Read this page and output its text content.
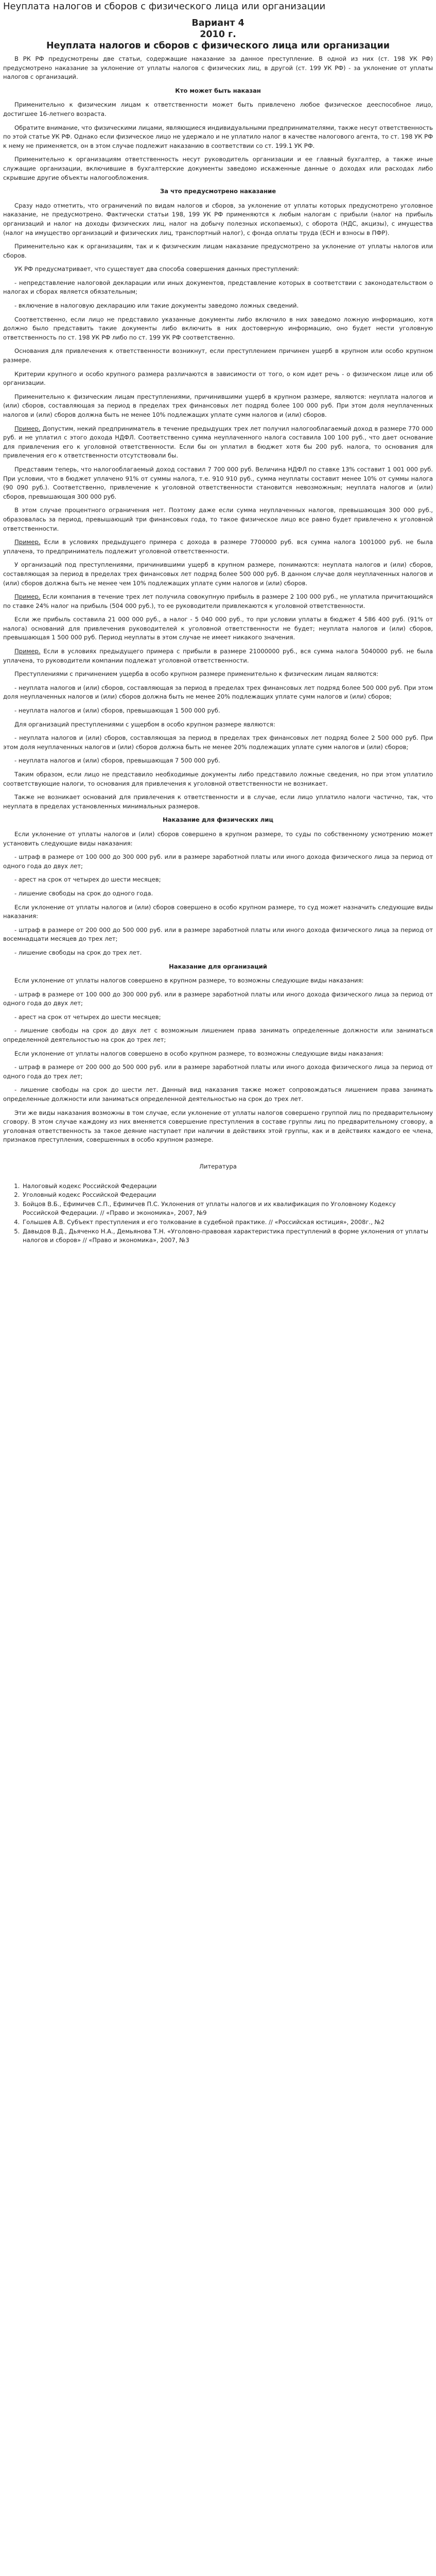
Неуплата налогов и сборов с физического лица или организации
Вариант 4
2010 г.
Неуплата налогов и сборов с физического лица или организации

В РК РФ предусмотрены две статьи, содержащие наказание за данное преступление. В одной из них (ст. 198 УК РФ) предусмотрено наказание за уклонение от уплаты налогов с физических лиц, в другой (ст. 199 УК РФ) - за уклонение от уплаты налогов с организаций.

Кто может быть наказан

Применительно к физическим лицам к ответственности может быть привлечено любое физическое дееспособное лицо, достигшее 16-летнего возраста.

Обратите внимание, что физическими лицами, являющиеся индивидуальными предпринимателями, также несут ответственность по этой статье УК РФ. Однако если физическое лицо не удержало и не уплатило налог в качестве налогового агента, то ст. 198 УК РФ к нему не применяется, он в этом случае подлежит наказанию в соответствии со ст. 199.1 УК РФ.

Применительно к организациям ответственность несут руководитель организации и ее главный бухгалтер, а также иные служащие организации, включившие в бухгалтерские документы заведомо искаженные данные о доходах или расходах либо скрывшие другие объекты налогообложения.

За что предусмотрено наказание

Сразу надо отметить, что ограничений по видам налогов и сборов, за уклонение от уплаты которых предусмотрено уголовное наказание, не предусмотрено. Фактически статьи 198, 199 УК РФ применяются к любым налогам с прибыли (налог на прибыль организаций и налог на доходы физических лиц, налог на добычу полезных ископаемых), с оборота (НДС, акцизы), с имущества (налог на имущество организаций и физических лиц, транспортный налог), с фонда оплаты труда (ЕСН и взносы в ПФР).

Применительно как к организациям, так и к физическим лицам наказание предусмотрено за уклонение от уплаты налогов или сборов.

УК РФ предусматривает, что существует два способа совершения данных преступлений:

- непредставление налоговой декларации или иных документов, представление которых в соответствии с законодательством о налогах и сборах является обязательным;

- включение в налоговую декларацию или такие документы заведомо ложных сведений.

Соответственно, если лицо не представило указанные документы либо включило в них заведомо ложную информацию, хотя должно было представить такие документы либо включить в них достоверную информацию, оно будет нести уголовную ответственность по ст. 198 УК РФ либо по ст. 199 УК РФ соответственно.

Основания для привлечения к ответственности возникнут, если преступлением причинен ущерб в крупном или особо крупном размере.

Критерии крупного и особо крупного размера различаются в зависимости от того, о ком идет речь - о физическом лице или об организации.

Применительно к физическим лицам преступлениями, причинившими ущерб в крупном размере, являются: неуплата налогов и (или) сборов, составляющая за период в пределах трех финансовых лет подряд более 100 000 руб. При этом доля неуплаченных налогов и (или) сборов должна быть не менее 10% подлежащих уплате сумм налогов и (или) сборов.

Пример. Допустим, некий предприниматель в течение предыдущих трех лет получил налогооблагаемый доход в размере 770 000 руб. и не уплатил с этого дохода НДФЛ. Соответственно сумма неуплаченного налога составила 100 100 руб., что дает основание для привлечения его к уголовной ответственности. Если бы он уплатил в бюджет хотя бы 200 руб. налога, то основания для привлечения его к ответственности отсутствовали бы.

Представим теперь, что налогооблагаемый доход составил 7 700 000 руб. Величина НДФЛ по ставке 13% составит 1 001 000 руб. При условии, что в бюджет уплачено 91% от суммы налога, т.е. 910 910 руб., сумма неуплаты составит менее 10% от суммы налога (90 090 руб.). Соответственно, привлечение к уголовной ответственности становится невозможным; неуплата налогов и (или) сборов, превышающая 300 000 руб.

В этом случае процентного ограничения нет. Поэтому даже если сумма неуплаченных налогов, превышающая 300 000 руб., образовалась за период, превышающий три финансовых года, то такое физическое лицо все равно будет привлечено к уголовной ответственности.

Пример. Если в условиях предыдущего примера с дохода в размере 7700000 руб. вся сумма налога 1001000 руб. не была уплачена, то предприниматель подлежит уголовной ответственности.

У организаций под преступлениями, причинившими ущерб в крупном размере, понимаются: неуплата налогов и (или) сборов, составляющая за период в пределах трех финансовых лет подряд более 500 000 руб. В данном случае доля неуплаченных налогов и (или) сборов должна быть не менее чем 10% подлежащих уплате сумм налогов и (или) сборов.

Пример. Если компания в течение трех лет получила совокупную прибыль в размере 2 100 000 руб., не уплатила причитающийся по ставке 24% налог на прибыль (504 000 руб.), то ее руководители привлекаются к уголовной ответственности.

Если же прибыль составила 21 000 000 руб., а налог - 5 040 000 руб., то при условии уплаты в бюджет 4 586 400 руб. (91% от налога) оснований для привлечения руководителей к уголовной ответственности не будет; неуплата налогов и (или) сборов, превышающая 1 500 000 руб. Период неуплаты в этом случае не имеет никакого значения.

Пример. Если в условиях предыдущего примера с прибыли в размере 21000000 руб., вся сумма налога 5040000 руб. не была уплачена, то руководители компании подлежат уголовной ответственности.

Преступлениями с причинением ущерба в особо крупном размере применительно к физическим лицам являются:

- неуплата налогов и (или) сборов, составляющая за период в пределах трех финансовых лет подряд более 500 000 руб. При этом доля неуплаченных налогов и (или) сборов должна быть не менее 20% подлежащих уплате сумм налогов и (или) сборов;

- неуплата налогов и (или) сборов, превышающая 1 500 000 руб.

Для организаций преступлениями с ущербом в особо крупном размере являются:

- неуплата налогов и (или) сборов, составляющая за период в пределах трех финансовых лет подряд более 2 500 000 руб. При этом доля неуплаченных налогов и (или) сборов должна быть не менее 20% подлежащих уплате сумм налогов и (или) сборов;

- неуплата налогов и (или) сборов, превышающая 7 500 000 руб.

Таким образом, если лицо не представило необходимые документы либо представило ложные сведения, но при этом уплатило соответствующие налоги, то основания для привлечения к уголовной ответственности не возникает.

Также не возникает оснований для привлечения к ответственности и в случае, если лицо уплатило налоги частично, так, что неуплата в пределах установленных минимальных размеров.

Наказание для физических лиц

Если уклонение от уплаты налогов и (или) сборов совершено в крупном размере, то суды по собственному усмотрению может установить следующие виды наказания:

- штраф в размере от 100 000 до 300 000 руб. или в размере заработной платы или иного дохода физического лица за период от одного года до двух лет;

- арест на срок от четырех до шести месяцев;

- лишение свободы на срок до одного года.

Если уклонение от уплаты налогов и (или) сборов совершено в особо крупном размере, то суд может назначить следующие виды наказания:

- штраф в размере от 200 000 до 500 000 руб. или в размере заработной платы или иного дохода физического лица за период от восемнадцати месяцев до трех лет;

- лишение свободы на срок до трех лет.

Наказание для организаций

Если уклонение от уплаты налогов совершено в крупном размере, то возможны следующие виды наказания:

- штраф в размере от 100 000 до 300 000 руб. или в размере заработной платы или иного дохода физического лица за период от одного года до двух лет;

- арест на срок от четырех до шести месяцев;

- лишение свободы на срок до двух лет с возможным лишением права занимать определенные должности или заниматься определенной деятельностью на срок до трех лет;

Если уклонение от уплаты налогов совершено в особо крупном размере, то возможны следующие виды наказания:

- штраф в размере от 200 000 до 500 000 руб. или в размере заработной платы или иного дохода физического лица за период от одного года до трех лет;

- лишение свободы на срок до шести лет. Данный вид наказания также может сопровождаться лишением права занимать определенные должности или заниматься определенной деятельностью на срок до трех лет.

Эти же виды наказания возможны в том случае, если уклонение от уплаты налогов совершено группой лиц по предварительному сговору. В этом случае каждому из них вменяется совершение преступления в составе группы лиц по предварительному сговору, а уголовная ответственность за такое деяние наступает при наличии в действиях этой группы, как и в действиях каждого ее члена, признаков преступления, совершенных в особо крупном размере.

Литература
1. Налоговый кодекс Российской Федерации
2. Уголовный кодекс Российской Федерации
3. Бойцов В.Б., Ефимичев С.П., Ефимичев П.С. Уклонения от уплаты налогов и их квалификация по Уголовному Кодексу Российской Федерации. // «Право и экономика», 2007, №9
4. Голышев А.В. Субъект преступления и его толкование в судебной практике. // «Российская юстиция», 2008г., №2
5. Давыдов В.Д., Дьяченко Н.А., Демьянова Т.Н. «Уголовно-правовая характеристика преступлений в форме уклонения от уплаты налогов и сборов» // «Право и экономика», 2007, №3
